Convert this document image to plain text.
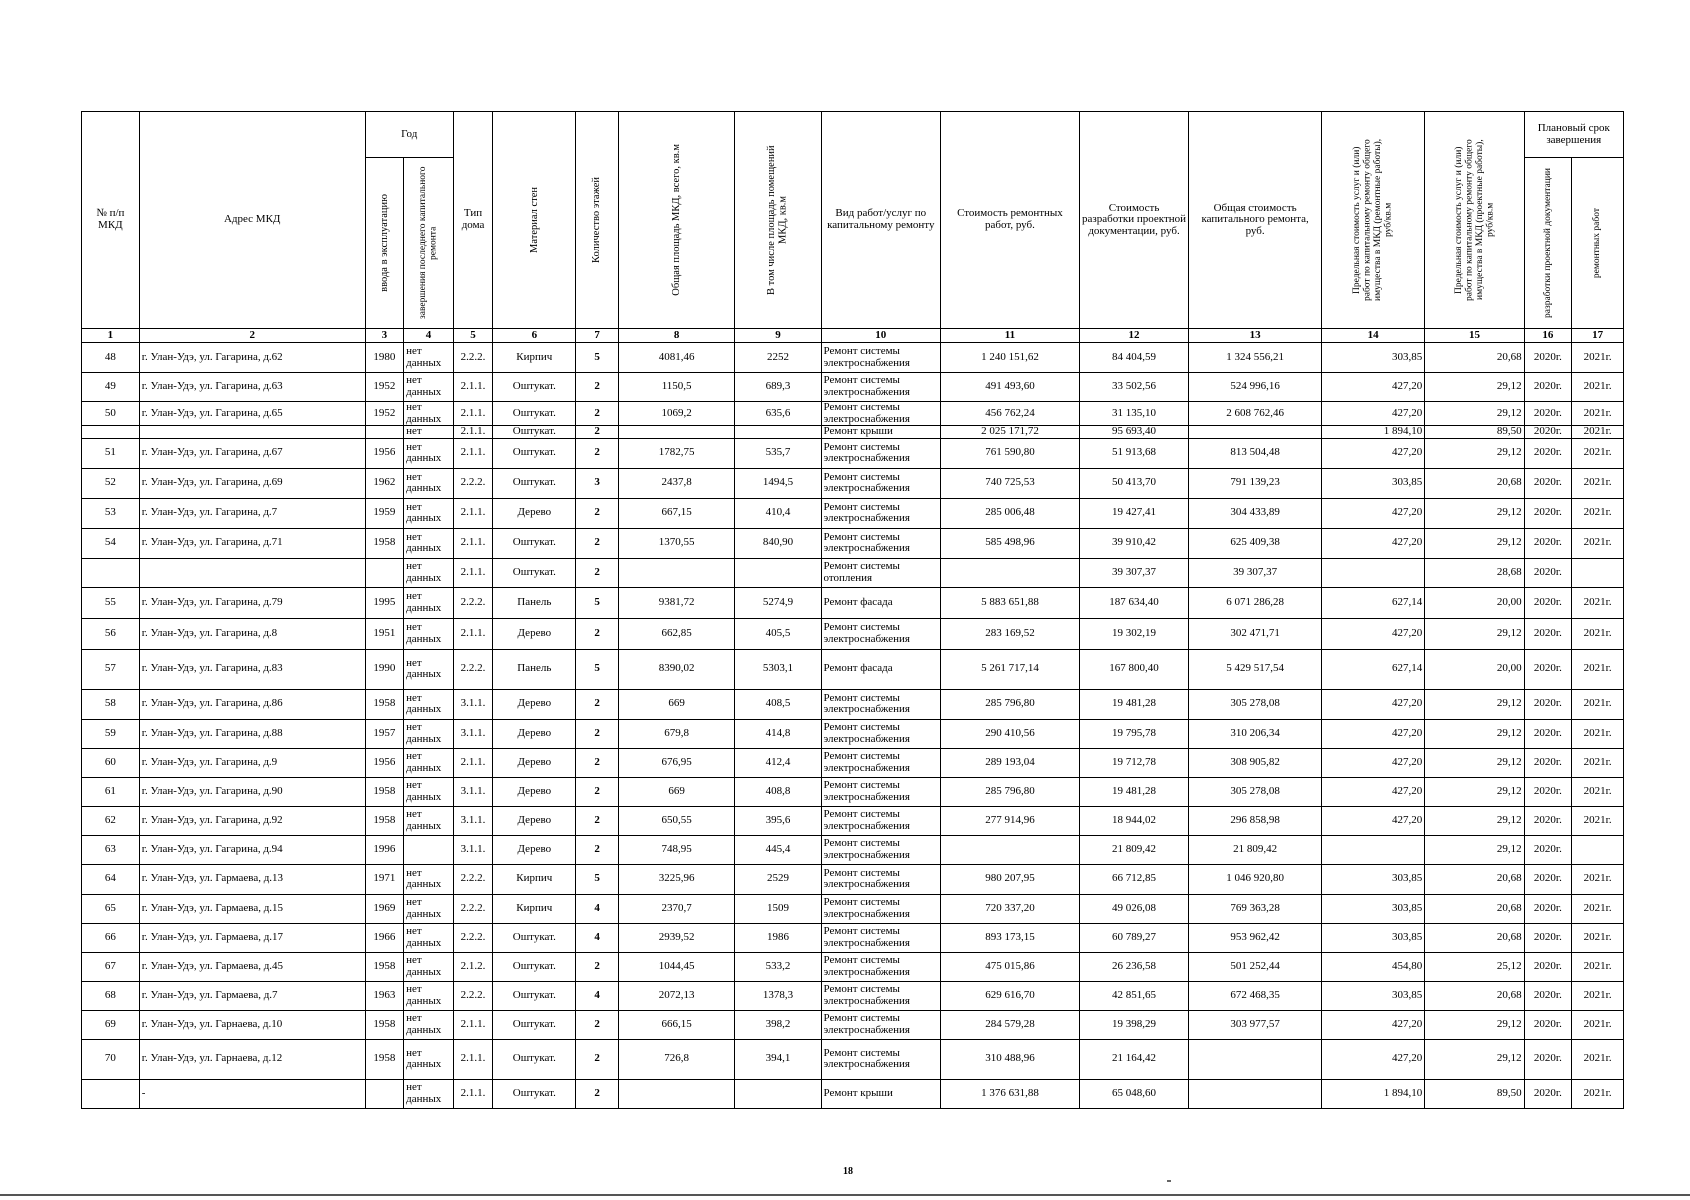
№ п/п МКД	Адрес МКД	Год		Тип дома	Материал стен	Количество этажей	Общая площадь МКД, всего, кв.м	В том числе площадь помещений МКД, кв.м	Вид работ/услуг по капитальному ремонту	Стоимость ремонтных работ, руб.	Стоимость разработки проектной документации, руб.	Общая стоимость капитального ремонта, руб.	Предельная стоимость услуг и (или) работ по капитальному ремонту общего имущества в МКД (ремонтные работы), руб/кв.м	Предельная стоимость услуг и (или) работ по капитальному ремонту общего имущества в МКД (проектные работы), руб/кв.м	Плановый срок завершения	

		ввода в эксплуатацию	завершения последнего капитального ремонта												разработки проектной документации	ремонтных работ

1	2	3	4	5	6	7	8	9	10	11	12	13	14	15	16	17
48	г. Улан-Удэ, ул. Гагарина, д.62	1980	нет данных	2.2.2.	Кирпич	5	4081,46	2252	Ремонт системы электроснабжения	1 240 151,62	84 404,59	1 324 556,21	303,85	20,68	2020г.	2021г.
49	г. Улан-Удэ, ул. Гагарина, д.63	1952	нет данных	2.1.1.	Оштукат.	2	1150,5	689,3	Ремонт системы электроснабжения	491 493,60	33 502,56	524 996,16	427,20	29,12	2020г.	2021г.
50	г. Улан-Удэ, ул. Гагарина, д.65	1952	нет данных	2.1.1.	Оштукат.	2	1069,2	635,6	Ремонт системы электроснабжения	456 762,24	31 135,10	2 608 762,46	427,20	29,12	2020г.	2021г.
			нет	2.1.1.	Оштукат.	2			Ремонт крыши	2 025 171,72	95 693,40		1 894,10	89,50	2020г.	2021г.
51	г. Улан-Удэ, ул. Гагарина, д.67	1956	нет данных	2.1.1.	Оштукат.	2	1782,75	535,7	Ремонт системы электроснабжения	761 590,80	51 913,68	813 504,48	427,20	29,12	2020г.	2021г.
52	г. Улан-Удэ, ул. Гагарина, д.69	1962	нет данных	2.2.2.	Оштукат.	3	2437,8	1494,5	Ремонт системы электроснабжения	740 725,53	50 413,70	791 139,23	303,85	20,68	2020г.	2021г.
53	г. Улан-Удэ, ул. Гагарина, д.7	1959	нет данных	2.1.1.	Дерево	2	667,15	410,4	Ремонт системы электроснабжения	285 006,48	19 427,41	304 433,89	427,20	29,12	2020г.	2021г.
54	г. Улан-Удэ, ул. Гагарина, д.71	1958	нет данных	2.1.1.	Оштукат.	2	1370,55	840,90	Ремонт системы электроснабжения	585 498,96	39 910,42	625 409,38	427,20	29,12	2020г.	2021г.
			нет данных	2.1.1.	Оштукат.	2			Ремонт системы отопления		39 307,37	39 307,37		28,68	2020г.	
55	г. Улан-Удэ, ул. Гагарина, д.79	1995	нет данных	2.2.2.	Панель	5	9381,72	5274,9	Ремонт фасада	5 883 651,88	187 634,40	6 071 286,28	627,14	20,00	2020г.	2021г.
56	г. Улан-Удэ, ул. Гагарина, д.8	1951	нет данных	2.1.1.	Дерево	2	662,85	405,5	Ремонт системы электроснабжения	283 169,52	19 302,19	302 471,71	427,20	29,12	2020г.	2021г.
57	г. Улан-Удэ, ул. Гагарина, д.83	1990	нет данных	2.2.2.	Панель	5	8390,02	5303,1	Ремонт фасада	5 261 717,14	167 800,40	5 429 517,54	627,14	20,00	2020г.	2021г.
58	г. Улан-Удэ, ул. Гагарина, д.86	1958	нет данных	3.1.1.	Дерево	2	669	408,5	Ремонт системы электроснабжения	285 796,80	19 481,28	305 278,08	427,20	29,12	2020г.	2021г.
59	г. Улан-Удэ, ул. Гагарина, д.88	1957	нет данных	3.1.1.	Дерево	2	679,8	414,8	Ремонт системы электроснабжения	290 410,56	19 795,78	310 206,34	427,20	29,12	2020г.	2021г.
60	г. Улан-Удэ, ул. Гагарина, д.9	1956	нет данных	2.1.1.	Дерево	2	676,95	412,4	Ремонт системы электроснабжения	289 193,04	19 712,78	308 905,82	427,20	29,12	2020г.	2021г.
61	г. Улан-Удэ, ул. Гагарина, д.90	1958	нет данных	3.1.1.	Дерево	2	669	408,8	Ремонт системы электроснабжения	285 796,80	19 481,28	305 278,08	427,20	29,12	2020г.	2021г.
62	г. Улан-Удэ, ул. Гагарина, д.92	1958	нет данных	3.1.1.	Дерево	2	650,55	395,6	Ремонт системы электроснабжения	277 914,96	18 944,02	296 858,98	427,20	29,12	2020г.	2021г.
63	г. Улан-Удэ, ул. Гагарина, д.94	1996		3.1.1.	Дерево	2	748,95	445,4	Ремонт системы электроснабжения		21 809,42	21 809,42		29,12	2020г.	
64	г. Улан-Удэ, ул. Гармаева, д.13	1971	нет данных	2.2.2.	Кирпич	5	3225,96	2529	Ремонт системы электроснабжения	980 207,95	66 712,85	1 046 920,80	303,85	20,68	2020г.	2021г.
65	г. Улан-Удэ, ул. Гармаева, д.15	1969	нет данных	2.2.2.	Кирпич	4	2370,7	1509	Ремонт системы электроснабжения	720 337,20	49 026,08	769 363,28	303,85	20,68	2020г.	2021г.
66	г. Улан-Удэ, ул. Гармаева, д.17	1966	нет данных	2.2.2.	Оштукат.	4	2939,52	1986	Ремонт системы электроснабжения	893 173,15	60 789,27	953 962,42	303,85	20,68	2020г.	2021г.
67	г. Улан-Удэ, ул. Гармаева, д.45	1958	нет данных	2.1.2.	Оштукат.	2	1044,45	533,2	Ремонт системы электроснабжения	475 015,86	26 236,58	501 252,44	454,80	25,12	2020г.	2021г.
68	г. Улан-Удэ, ул. Гармаева, д.7	1963	нет данных	2.2.2.	Оштукат.	4	2072,13	1378,3	Ремонт системы электроснабжения	629 616,70	42 851,65	672 468,35	303,85	20,68	2020г.	2021г.
69	г. Улан-Удэ, ул. Гарнаева, д.10	1958	нет данных	2.1.1.	Оштукат.	2	666,15	398,2	Ремонт системы электроснабжения	284 579,28	19 398,29	303 977,57	427,20	29,12	2020г.	2021г.
70	г. Улан-Удэ, ул. Гарнаева, д.12	1958	нет данных	2.1.1.	Оштукат.	2	726,8	394,1	Ремонт системы электроснабжения	310 488,96	21 164,42		427,20	29,12	2020г.	2021г.
	-		нет данных	2.1.1.	Оштукат.	2			Ремонт крыши	1 376 631,88	65 048,60		1 894,10	89,50	2020г.	2021г.
18
